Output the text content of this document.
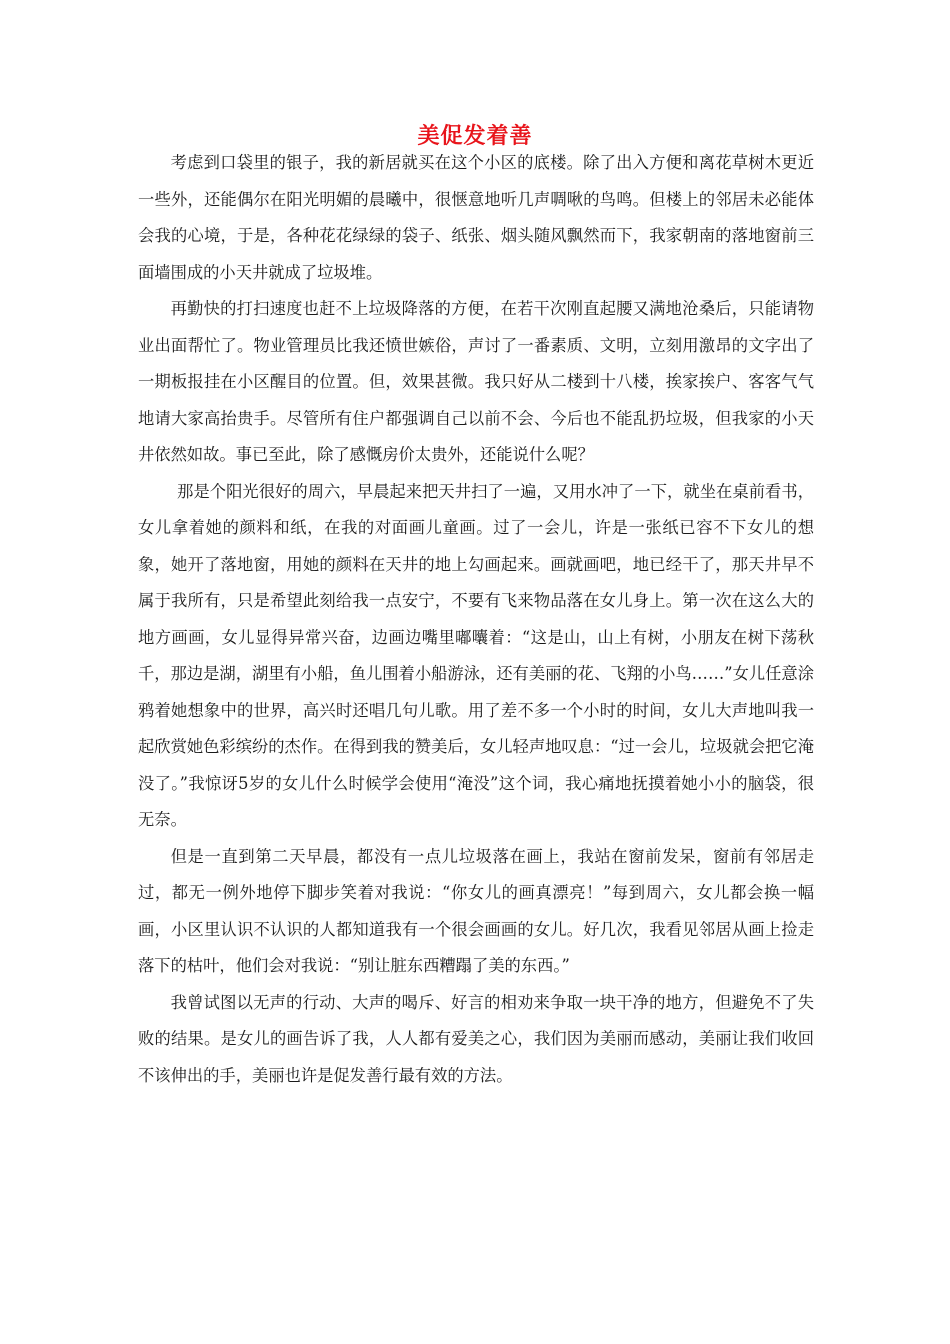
美促发着善

考虑到口袋里的银子，我的新居就买在这个小区的底楼。除了出入方便和离花草树木更近一些外，还能偶尔在阳光明媚的晨曦中，很惬意地听几声啁啾的鸟鸣。但楼上的邻居未必能体会我的心境，于是，各种花花绿绿的袋子、纸张、烟头随风飘然而下，我家朝南的落地窗前三面墙围成的小天井就成了垃圾堆。

再勤快的打扫速度也赶不上垃圾降落的方便，在若干次刚直起腰又满地沧桑后，只能请物业出面帮忙了。物业管理员比我还愤世嫉俗，声讨了一番素质、文明，立刻用激昂的文字出了一期板报挂在小区醒目的位置。但，效果甚微。我只好从二楼到十八楼，挨家挨户、客客气气地请大家高抬贵手。尽管所有住户都强调自己以前不会、今后也不能乱扔垃圾，但我家的小天井依然如故。事已至此，除了感慨房价太贵外，还能说什么呢？

那是个阳光很好的周六，早晨起来把天井扫了一遍，又用水冲了一下，就坐在桌前看书，女儿拿着她的颜料和纸，在我的对面画儿童画。过了一会儿，许是一张纸已容不下女儿的想象，她开了落地窗，用她的颜料在天井的地上勾画起来。画就画吧，地已经干了，那天井早不属于我所有，只是希望此刻给我一点安宁，不要有飞来物品落在女儿身上。第一次在这么大的地方画画，女儿显得异常兴奋，边画边嘴里嘟囔着：“这是山，山上有树，小朋友在树下荡秋千，那边是湖，湖里有小船，鱼儿围着小船游泳，还有美丽的花、飞翔的小鸟……”女儿任意涂鸦着她想象中的世界，高兴时还唱几句儿歌。用了差不多一个小时的时间，女儿大声地叫我一起欣赏她色彩缤纷的杰作。在得到我的赞美后，女儿轻声地叹息：“过一会儿，垃圾就会把它淹没了。”我惊讶5岁的女儿什么时候学会使用“淹没”这个词，我心痛地抚摸着她小小的脑袋，很无奈。

但是一直到第二天早晨，都没有一点儿垃圾落在画上，我站在窗前发呆，窗前有邻居走过，都无一例外地停下脚步笑着对我说：“你女儿的画真漂亮！”每到周六，女儿都会换一幅画，小区里认识不认识的人都知道我有一个很会画画的女儿。好几次，我看见邻居从画上捡走落下的枯叶，他们会对我说：“别让脏东西糟蹋了美的东西。”

我曾试图以无声的行动、大声的喝斥、好言的相劝来争取一块干净的地方，但避免不了失败的结果。是女儿的画告诉了我，人人都有爱美之心，我们因为美丽而感动，美丽让我们收回不该伸出的手，美丽也许是促发善行最有效的方法。
